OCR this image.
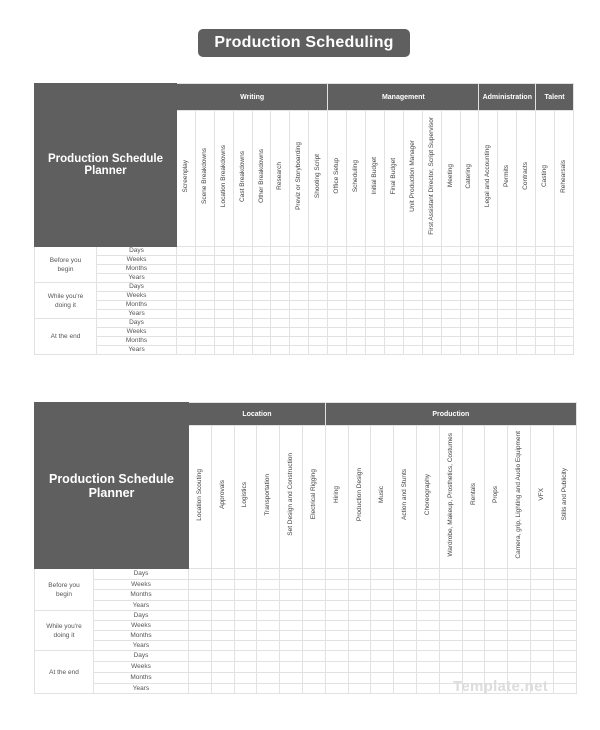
Production Scheduling
Production Schedule Planner		Writing								Management								Administration			Talent	
		Screenplay	Scene Breakdowns	Location Breakdowns	Cast Breakdowns	Other Breakdowns	Research	Previz or Storyboarding	Shooting Script	Office Setup	Scheduling	Initial Budget	Final Budget	Unit Production Manager	First Assistant Director, Script Supervisor	Meeting	Catering	Legal and Accounting	Permits	Contracts	Casting	Rehearsals
Before you begin	Days																					
	Weeks																					
	Months																					
	Years																					
While you're doing it	Days																					
	Weeks																					
	Months																					
	Years																					
At the end	Days																					
	Weeks																					
	Months																					
	Years																					
Production Schedule Planner		Location						Production										
		Location Scouting	Approvals	Logistics	Transportation	Set Design and Construction	Electrical Rigging	Hiring	Production Design	Music	Action and Stunts	Choreography	Wardrobe, Makeup, Prosthetics, Costumes	Rentals	Props	Camera, grip, Lighting and Audio Equipment	VFX	Stills and Publicity
Before you begin	Days																	
	Weeks																	
	Months																	
	Years																	
While you're doing it	Days																	
	Weeks																	
	Months																	
	Years																	
At the end	Days																	
	Weeks																	
	Months																	
	Years																		Template.net
